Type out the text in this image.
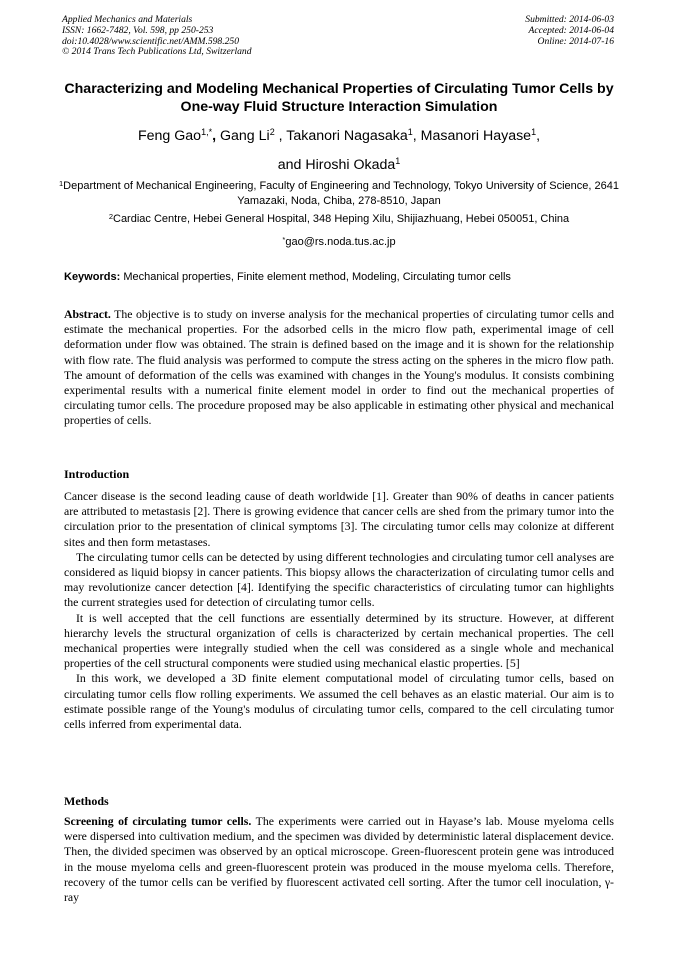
Applied Mechanics and Materials
ISSN: 1662-7482, Vol. 598, pp 250-253
doi:10.4028/www.scientific.net/AMM.598.250
© 2014 Trans Tech Publications Ltd, Switzerland
Submitted: 2014-06-03
Accepted: 2014-06-04
Online: 2014-07-16
Characterizing and Modeling Mechanical Properties of Circulating Tumor Cells by One-way Fluid Structure Interaction Simulation
Feng Gao$^{1,*}$, Gang Li$^2$ , Takanori Nagasaka$^1$, Masanori Hayase$^1$,
and Hiroshi Okada$^1$
$^1$Department of Mechanical Engineering, Faculty of Engineering and Technology, Tokyo University of Science, 2641 Yamazaki, Noda, Chiba, 278-8510, Japan
$^2$Cardiac Centre, Hebei General Hospital, 348 Heping Xilu, Shijiazhuang, Hebei 050051, China
*gao@rs.noda.tus.ac.jp
Keywords: Mechanical properties, Finite element method, Modeling, Circulating tumor cells

Abstract. The objective is to study on inverse analysis for the mechanical properties of circulating tumor cells and estimate the mechanical properties. For the adsorbed cells in the micro flow path, experimental image of cell deformation under flow was obtained. The strain is defined based on the image and it is shown for the relationship with flow rate. The fluid analysis was performed to compute the stress acting on the spheres in the micro flow path. The amount of deformation of the cells was examined with changes in the Young's modulus. It consists combining experimental results with a numerical finite element model in order to find out the mechanical properties of circulating tumor cells. The procedure proposed may be also applicable in estimating other physical and mechanical properties of cells.

Introduction

Cancer disease is the second leading cause of death worldwide [1]. Greater than 90% of deaths in cancer patients are attributed to metastasis [2]. There is growing evidence that cancer cells are shed from the primary tumor into the circulation prior to the presentation of clinical symptoms [3]. The circulating tumor cells may colonize at different sites and then form metastases.

The circulating tumor cells can be detected by using different technologies and circulating tumor cell analyses are considered as liquid biopsy in cancer patients. This biopsy allows the characterization of circulating tumor cells and may revolutionize cancer detection [4]. Identifying the specific characteristics of circulating tumor can highlights the current strategies used for detection of circulating tumor cells.

It is well accepted that the cell functions are essentially determined by its structure. However, at different hierarchy levels the structural organization of cells is characterized by certain mechanical properties. The cell mechanical properties were integrally studied when the cell was considered as a single whole and mechanical properties of the cell structural components were studied using mechanical elastic properties. [5]

In this work, we developed a 3D finite element computational model of circulating tumor cells, based on circulating tumor cells flow rolling experiments. We assumed the cell behaves as an elastic material. Our aim is to estimate possible range of the Young's modulus of circulating tumor cells, compared to the cell circulating tumor cells inferred from experimental data.

Methods

Screening of circulating tumor cells. The experiments were carried out in Hayase’s lab. Mouse myeloma cells were dispersed into cultivation medium, and the specimen was divided by deterministic lateral displacement device. Then, the divided specimen was observed by an optical microscope. Green-fluorescent protein gene was introduced in the mouse myeloma cells and green-fluorescent protein was produced in the mouse myeloma cells. Therefore, recovery of the tumor cells can be verified by fluorescent activated cell sorting. After the tumor cell inoculation, γ-ray
